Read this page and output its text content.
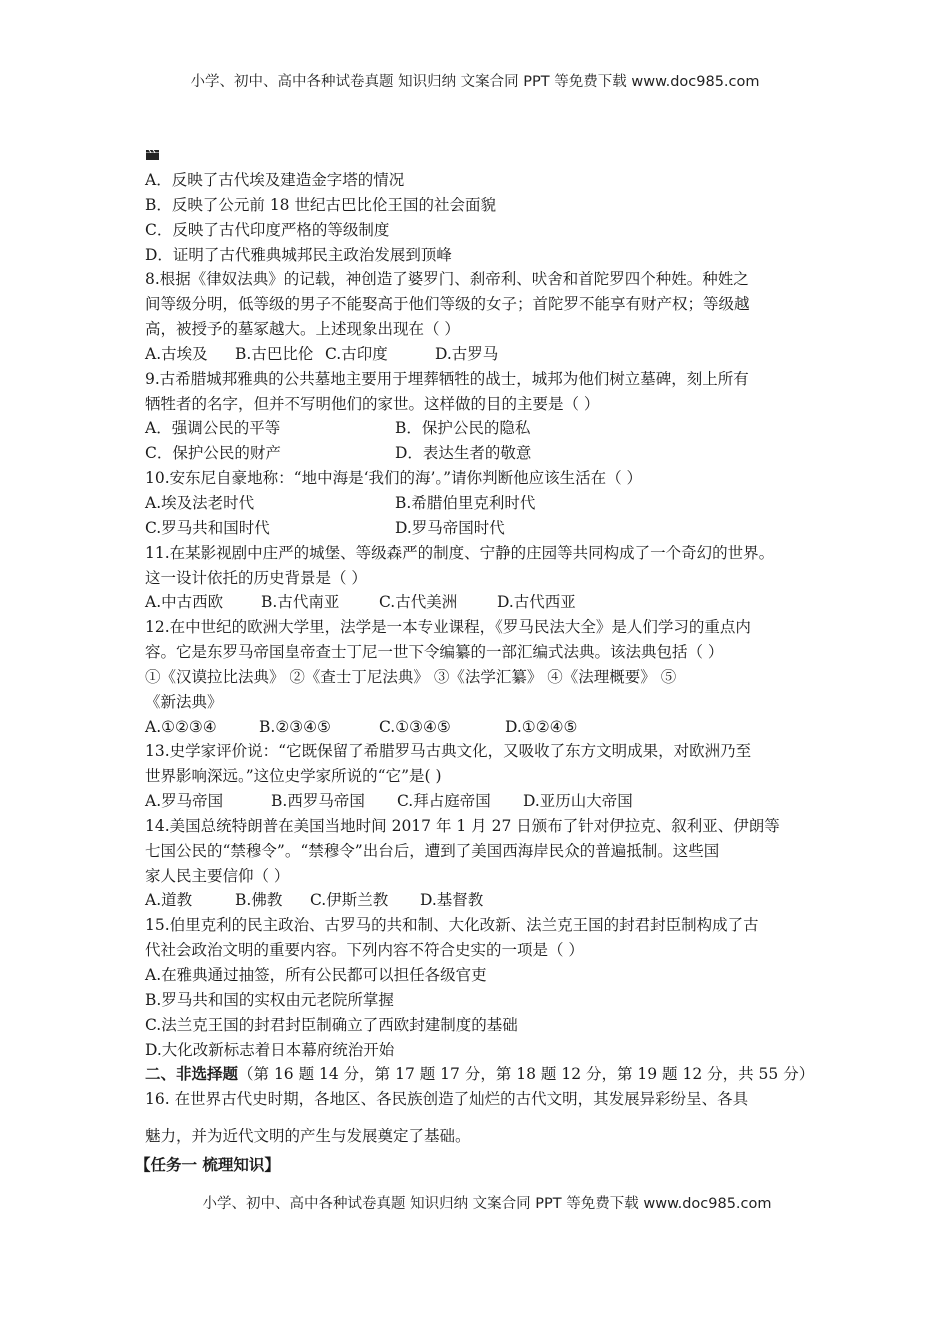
小学、初中、高中各种试卷真题 知识归纳 文案合同 PPT 等免费下载 www.doc985.com
A．反映了古代埃及建造金字塔的情况
B．反映了公元前 18 世纪古巴比伦王国的社会面貌
C．反映了古代印度严格的等级制度
D．证明了古代雅典城邦民主政治发展到顶峰
8.根据《律奴法典》的记载，神创造了婆罗门、刹帝利、吠舍和首陀罗四个种姓。种姓之
间等级分明，低等级的男子不能娶高于他们等级的女子；首陀罗不能享有财产权；等级越
高，被授予的墓冢越大。上述现象出现在（ ）
A.古埃及	B.古巴比伦 C.古印度	D.古罗马
9.古希腊城邦雅典的公共墓地主要用于埋葬牺牲的战士，城邦为他们树立墓碑，刻上所有
牺牲者的名字，但并不写明他们的家世。这样做的目的主要是（ ）
A．强调公民的平等	B．保护公民的隐私
C．保护公民的财产	D．表达生者的敬意
10.安东尼自豪地称：“地中海是‘我们的海’。”请你判断他应该生活在（ ）
A.埃及法老时代	B.希腊伯里克利时代
C.罗马共和国时代	D.罗马帝国时代
11.在某影视剧中庄严的城堡、等级森严的制度、宁静的庄园等共同构成了一个奇幻的世界。
这一设计依托的历史背景是（ ）
A.中古西欧	B.古代南亚	C.古代美洲	D.古代西亚
12.在中世纪的欧洲大学里，法学是一本专业课程，《罗马民法大全》是人们学习的重点内
容。它是东罗马帝国皇帝查士丁尼一世下令编纂的一部汇编式法典。该法典包括（ ）
①《汉谟拉比法典》 ②《查士丁尼法典》 ③《法学汇纂》 ④《法理概要》 ⑤
《新法典》
A.①②③④	B.②③④⑤	C.①③④⑤	D.①②④⑤
13.史学家评价说：“它既保留了希腊罗马古典文化，又吸收了东方文明成果，对欧洲乃至
世界影响深远。”这位史学家所说的“它”是( )
A.罗马帝国	B.西罗马帝国	C.拜占庭帝国	D.亚历山大帝国
14.美国总统特朗普在美国当地时间 2017 年 1 月 27 日颁布了针对伊拉克、叙利亚、伊朗等
七国公民的“禁穆令”。“禁穆令”出台后，遭到了美国西海岸民众的普遍抵制。这些国
家人民主要信仰（ ）
A.道教	B.佛教	C.伊斯兰教	D.基督教
15.伯里克利的民主政治、古罗马的共和制、大化改新、法兰克王国的封君封臣制构成了古
代社会政治文明的重要内容。下列内容不符合史实的一项是（ ）
A.在雅典通过抽签，所有公民都可以担任各级官吏
B.罗马共和国的实权由元老院所掌握
C.法兰克王国的封君封臣制确立了西欧封建制度的基础
D.大化改新标志着日本幕府统治开始
二、非选择题（第 16 题 14 分，第 17 题 17 分，第 18 题 12 分，第 19 题 12 分，共 55 分）
16. 在世界古代史时期，各地区、各民族创造了灿烂的古代文明，其发展异彩纷呈、各具
魅力，并为近代文明的产生与发展奠定了基础。
【任务一 梳理知识】
小学、初中、高中各种试卷真题 知识归纳 文案合同 PPT 等免费下载 www.doc985.com
